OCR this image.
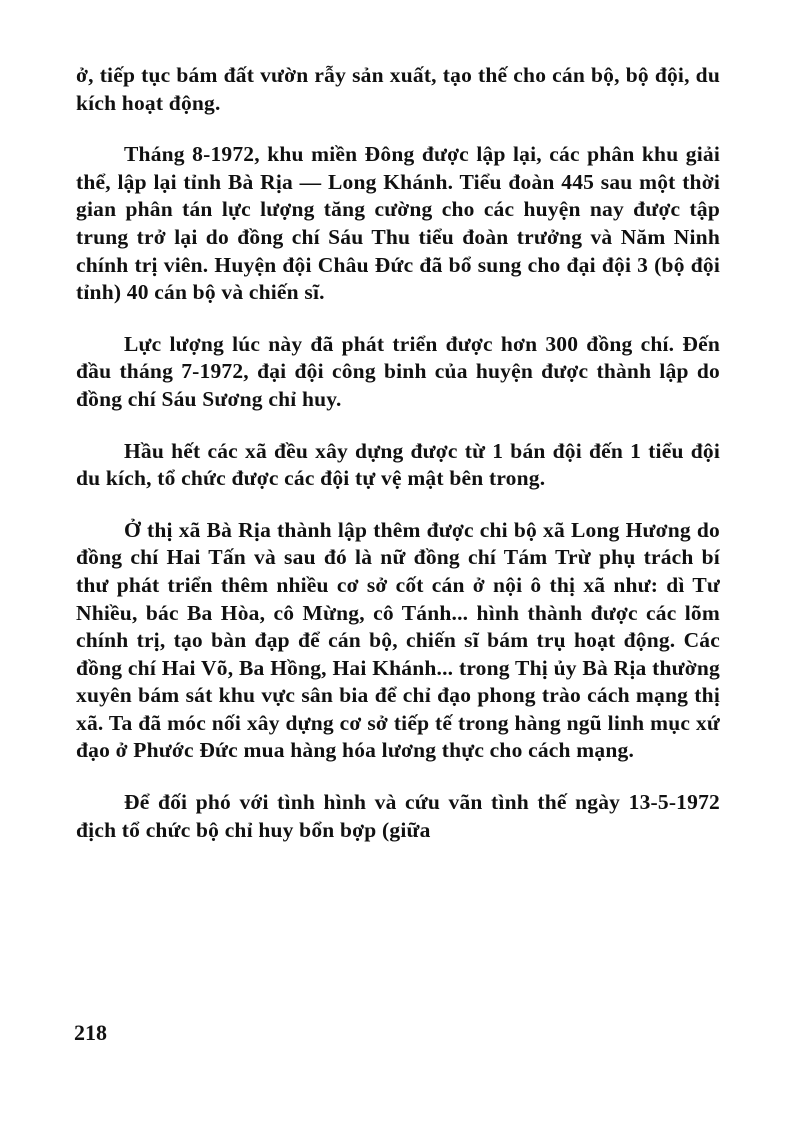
ở, tiếp tục bám đất vườn rẫy sản xuất, tạo thế cho cán bộ, bộ đội, du kích hoạt động.

Tháng 8-1972, khu miền Đông được lập lại, các phân khu giải thể, lập lại tỉnh Bà Rịa — Long Khánh. Tiểu đoàn 445 sau một thời gian phân tán lực lượng tăng cường cho các huyện nay được tập trung trở lại do đồng chí Sáu Thu tiểu đoàn trưởng và Năm Ninh chính trị viên. Huyện đội Châu Đức đã bổ sung cho đại đội 3 (bộ đội tỉnh) 40 cán bộ và chiến sĩ.

Lực lượng lúc này đã phát triển được hơn 300 đồng chí. Đến đầu tháng 7-1972, đại đội công binh của huyện được thành lập do đồng chí Sáu Sương chỉ huy.

Hầu hết các xã đều xây dựng được từ 1 bán đội đến 1 tiểu đội du kích, tổ chức được các đội tự vệ mật bên trong.

Ở thị xã Bà Rịa thành lập thêm được chi bộ xã Long Hương do đồng chí Hai Tấn và sau đó là nữ đồng chí Tám Trừ phụ trách bí thư phát triển thêm nhiều cơ sở cốt cán ở nội ô thị xã như: dì Tư Nhiều, bác Ba Hòa, cô Mừng, cô Tánh... hình thành được các lõm chính trị, tạo bàn đạp để cán bộ, chiến sĩ bám trụ hoạt động. Các đồng chí Hai Võ, Ba Hồng, Hai Khánh... trong Thị ủy Bà Rịa thường xuyên bám sát khu vực sân bia để chỉ đạo phong trào cách mạng thị xã. Ta đã móc nối xây dựng cơ sở tiếp tế trong hàng ngũ linh mục xứ đạo ở Phước Đức mua hàng hóa lương thực cho cách mạng.

Để đối phó với tình hình và cứu vãn tình thế ngày 13-5-1972 địch tổ chức bộ chỉ huy bổn bợp (giữa

218
